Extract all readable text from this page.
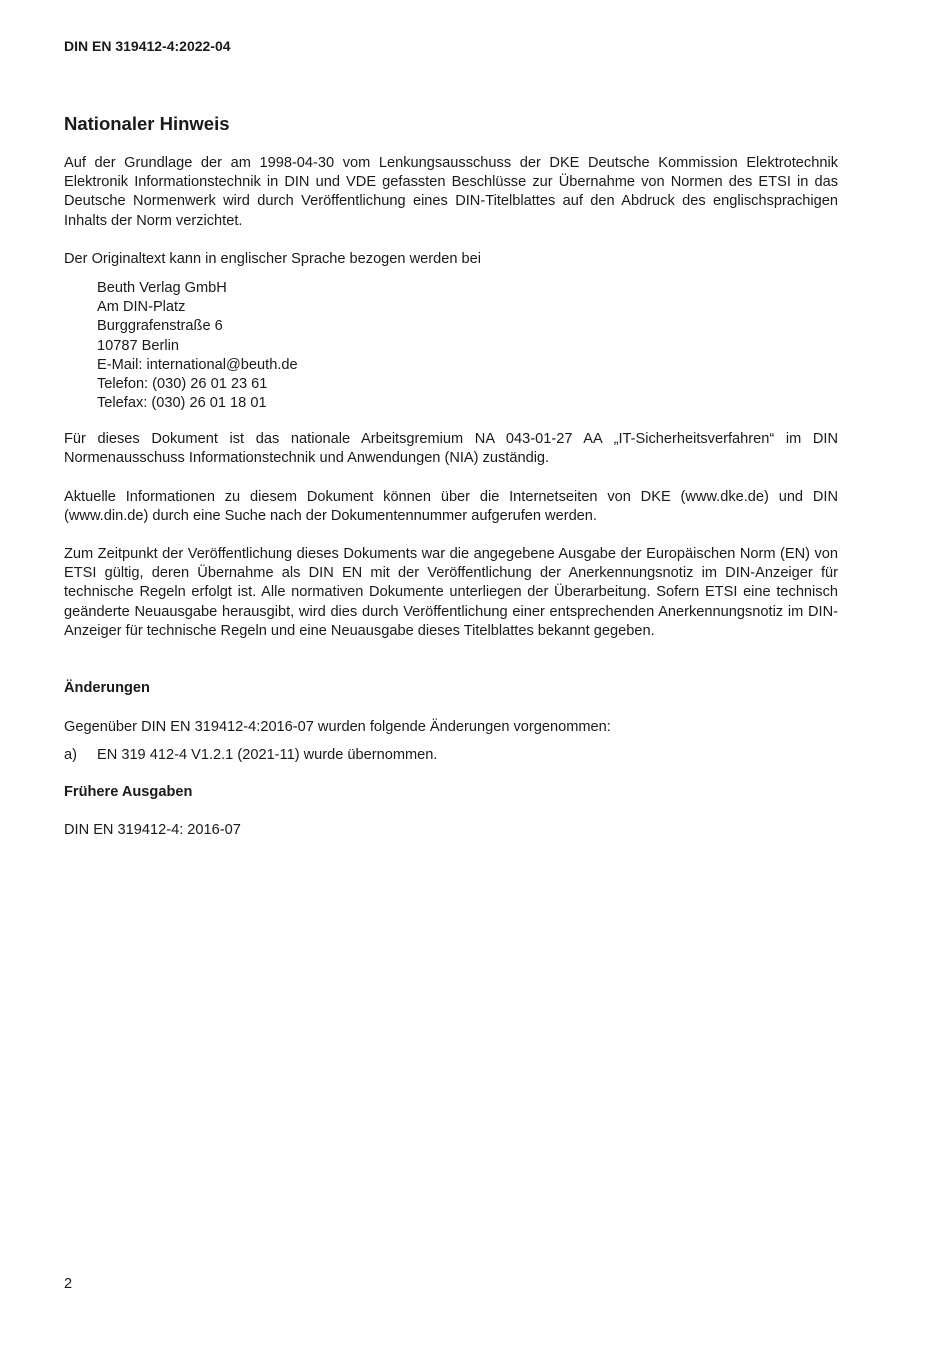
DIN EN 319412-4:2022-04
Nationaler Hinweis
Auf der Grundlage der am 1998-04-30 vom Lenkungsausschuss der DKE Deutsche Kommission Elektrotechnik Elektronik Informationstechnik in DIN und VDE gefassten Beschlüsse zur Übernahme von Normen des ETSI in das Deutsche Normenwerk wird durch Veröffentlichung eines DIN-Titelblattes auf den Abdruck des englischsprachigen Inhalts der Norm verzichtet.
Der Originaltext kann in englischer Sprache bezogen werden bei
Beuth Verlag GmbH
Am DIN-Platz
Burggrafenstraße 6
10787 Berlin
E-Mail: international@beuth.de
Telefon: (030) 26 01 23 61
Telefax: (030) 26 01 18 01
Für dieses Dokument ist das nationale Arbeitsgremium NA 043-01-27 AA „IT-Sicherheitsverfahren“ im DIN Normenausschuss Informationstechnik und Anwendungen (NIA) zuständig.
Aktuelle Informationen zu diesem Dokument können über die Internetseiten von DKE (www.dke.de) und DIN (www.din.de) durch eine Suche nach der Dokumentennummer aufgerufen werden.
Zum Zeitpunkt der Veröffentlichung dieses Dokuments war die angegebene Ausgabe der Europäischen Norm (EN) von ETSI gültig, deren Übernahme als DIN EN mit der Veröffentlichung der Anerkennungsnotiz im DIN-Anzeiger für technische Regeln erfolgt ist. Alle normativen Dokumente unterliegen der Überarbeitung. Sofern ETSI eine technisch geänderte Neuausgabe herausgibt, wird dies durch Veröffentlichung einer entsprechenden Anerkennungsnotiz im DIN-Anzeiger für technische Regeln und eine Neuausgabe dieses Titelblattes bekannt gegeben.
Änderungen
Gegenüber DIN EN 319412-4:2016-07 wurden folgende Änderungen vorgenommen:
a) EN 319 412-4 V1.2.1 (2021-11) wurde übernommen.
Frühere Ausgaben
DIN EN 319412-4: 2016-07
2
